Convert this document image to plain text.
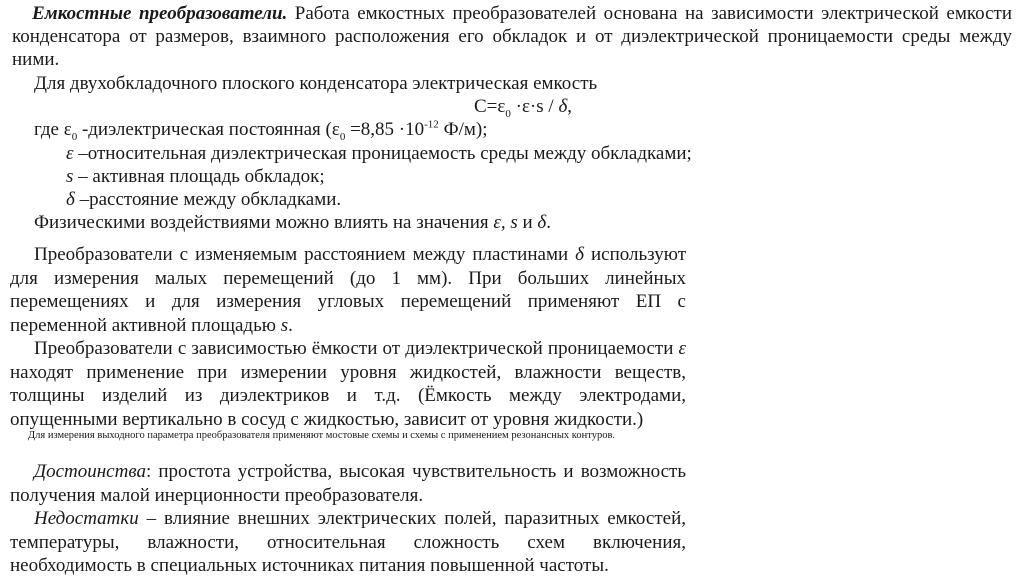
Емкостные преобразователи. Работа емкостных преобразователей основана на зависимости электрической емкости конденсатора от размеров, взаимного расположения его обкладок и от диэлектрической проницаемости среды между ними.

Для двухобкладочного плоского конденсатора электрическая емкость

$C=\varepsilon_0 \cdot\varepsilon\cdot s / \delta$,

где $\varepsilon_0$ -диэлектрическая постоянная ($\varepsilon_0 =8,85 \cdot 10^{-12}$ Ф/м);

ε –относительная диэлектрическая проницаемость среды между обкладками;

s – активная площадь обкладок;

δ –расстояние между обкладками.

Физическими воздействиями можно влиять на значения ε, s и δ.

Преобразователи с изменяемым расстоянием между пластинами δ используют для измерения малых перемещений (до 1 мм). При больших линейных перемещениях и для измерения угловых перемещений применяют ЕП с переменной активной площадью s.

Преобразователи с зависимостью ёмкости от диэлектрической проницаемости ε находят применение при измерении уровня жидкостей, влажности веществ, толщины изделий из диэлектриков и т.д. (Ёмкость между электродами, опущенными вертикально в сосуд с жидкостью, зависит от уровня жидкости.)

Для измерения выходного параметра преобразователя применяют мостовые схемы и схемы с применением резонансных контуров.

Достоинства: простота устройства, высокая чувствительность и возможность получения малой инерционности преобразователя.

Недостатки – влияние внешних электрических полей, паразитных емкостей, температуры, влажности, относительная сложность схем включения, необходимость в специальных источниках питания повышенной частоты.
